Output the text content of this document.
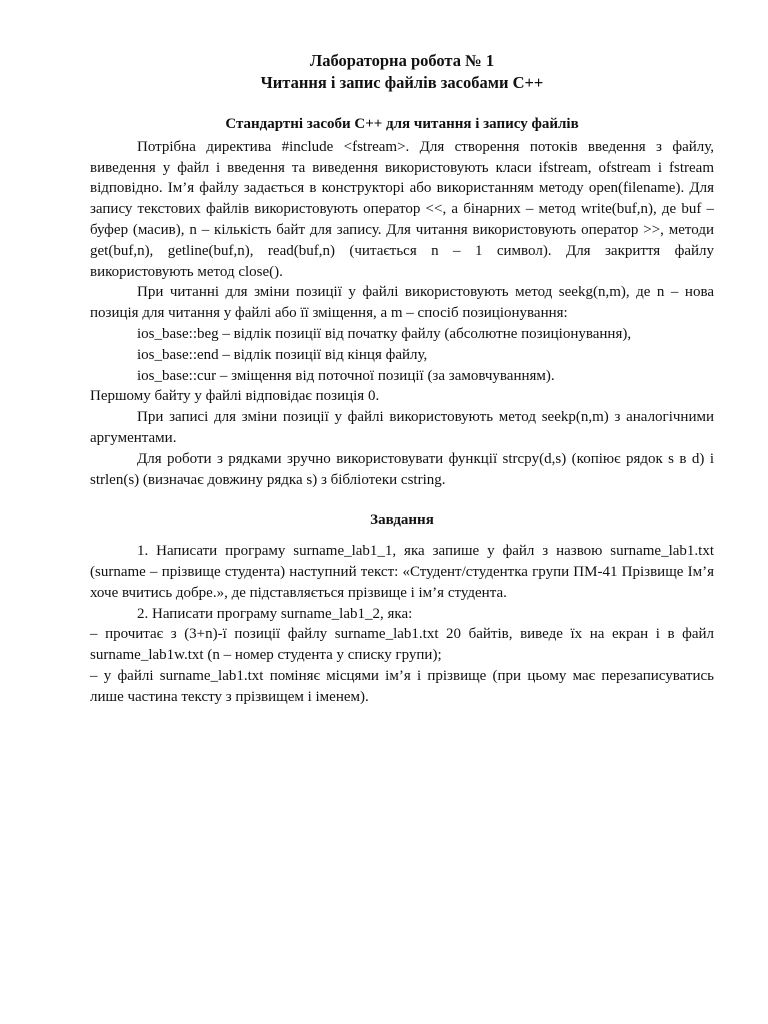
Лабораторна робота № 1
Читання і запис файлів засобами С++
Стандартні засоби С++ для читання і запису файлів

Потрібна директива #include <fstream>. Для створення потоків введення з файлу, виведення у файл і введення та виведення використовують класи ifstream, ofstream і fstream відповідно. Ім’я файлу задається в конструкторі або використанням методу open(filename). Для запису текстових файлів використовують оператор <<, а бінарних – метод write(buf,n), де buf – буфер (масив), n – кількість байт для запису. Для читання використовують оператор >>, методи get(buf,n), getline(buf,n), read(buf,n) (читається n – 1 символ). Для закриття файлу використовують метод close().

При читанні для зміни позиції у файлі використовують метод seekg(n,m), де n – нова позиція для читання у файлі або її зміщення, а m – спосіб позиціонування:

ios_base::beg – відлік позиції від початку файлу (абсолютне позиціонування),

ios_base::end – відлік позиції від кінця файлу,

ios_base::cur – зміщення від поточної позиції (за замовчуванням).

Першому байту у файлі відповідає позиція 0.

При записі для зміни позиції у файлі використовують метод seekp(n,m) з аналогічними аргументами.

Для роботи з рядками зручно використовувати функції strcpy(d,s) (копіює рядок s в d) і strlen(s) (визначає довжину рядка s) з бібліотеки cstring.

Завдання

1. Написати програму surname_lab1_1, яка запише у файл з назвою surname_lab1.txt (surname – прізвище студента) наступний текст: «Студент/студентка групи ПМ-41 Прізвище Ім’я хоче вчитись добре.», де підставляється прізвище і ім’я студента.

2. Написати програму surname_lab1_2, яка:

– прочитає з (3+n)-ї позиції файлу surname_lab1.txt 20 байтів, виведе їх на екран і в файл surname_lab1w.txt (n – номер студента у списку групи);

– у файлі surname_lab1.txt поміняє місцями ім’я і прізвище (при цьому має перезаписуватись лише частина тексту з прізвищем і іменем).
